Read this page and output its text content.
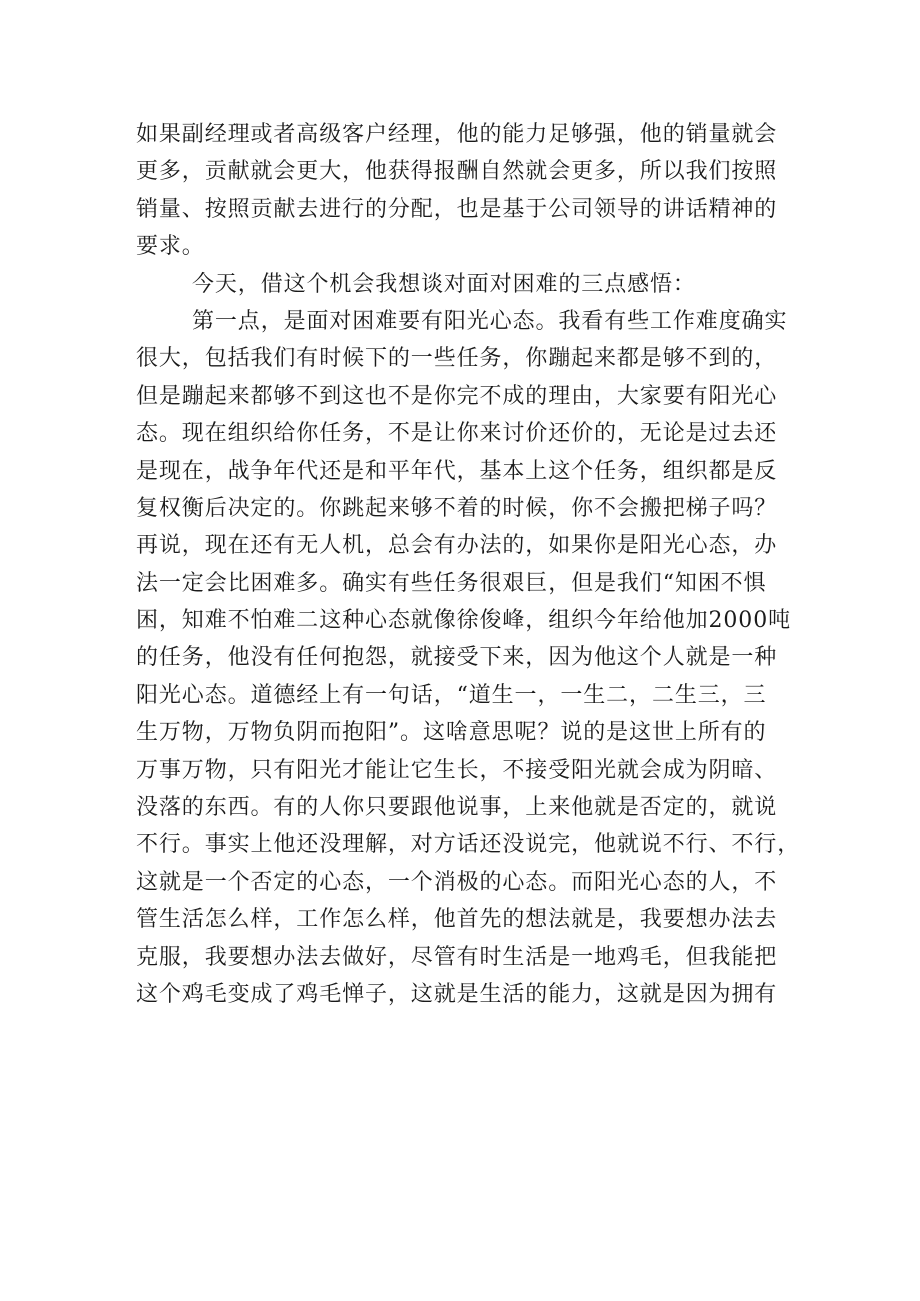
如果副经理或者高级客户经理，他的能力足够强，他的销量就会
更多，贡献就会更大，他获得报酬自然就会更多，所以我们按照
销量、按照贡献去进行的分配，也是基于公司领导的讲话精神的
要求。
今天，借这个机会我想谈对面对困难的三点感悟：
第一点，是面对困难要有阳光心态。我看有些工作难度确实
很大，包括我们有时候下的一些任务，你蹦起来都是够不到的，
但是蹦起来都够不到这也不是你完不成的理由，大家要有阳光心
态。现在组织给你任务，不是让你来讨价还价的，无论是过去还
是现在，战争年代还是和平年代，基本上这个任务，组织都是反
复权衡后决定的。你跳起来够不着的时候，你不会搬把梯子吗？
再说，现在还有无人机，总会有办法的，如果你是阳光心态，办
法一定会比困难多。确实有些任务很艰巨，但是我们“知困不惧
困，知难不怕难二这种心态就像徐俊峰，组织今年给他加2000吨
的任务，他没有任何抱怨，就接受下来，因为他这个人就是一种
阳光心态。道德经上有一句话，“道生一，一生二，二生三，三
生万物，万物负阴而抱阳”。这啥意思呢？说的是这世上所有的
万事万物，只有阳光才能让它生长，不接受阳光就会成为阴暗、
没落的东西。有的人你只要跟他说事，上来他就是否定的，就说
不行。事实上他还没理解，对方话还没说完，他就说不行、不行，
这就是一个否定的心态，一个消极的心态。而阳光心态的人，不
管生活怎么样，工作怎么样，他首先的想法就是，我要想办法去
克服，我要想办法去做好，尽管有时生活是一地鸡毛，但我能把
这个鸡毛变成了鸡毛惮子，这就是生活的能力，这就是因为拥有
